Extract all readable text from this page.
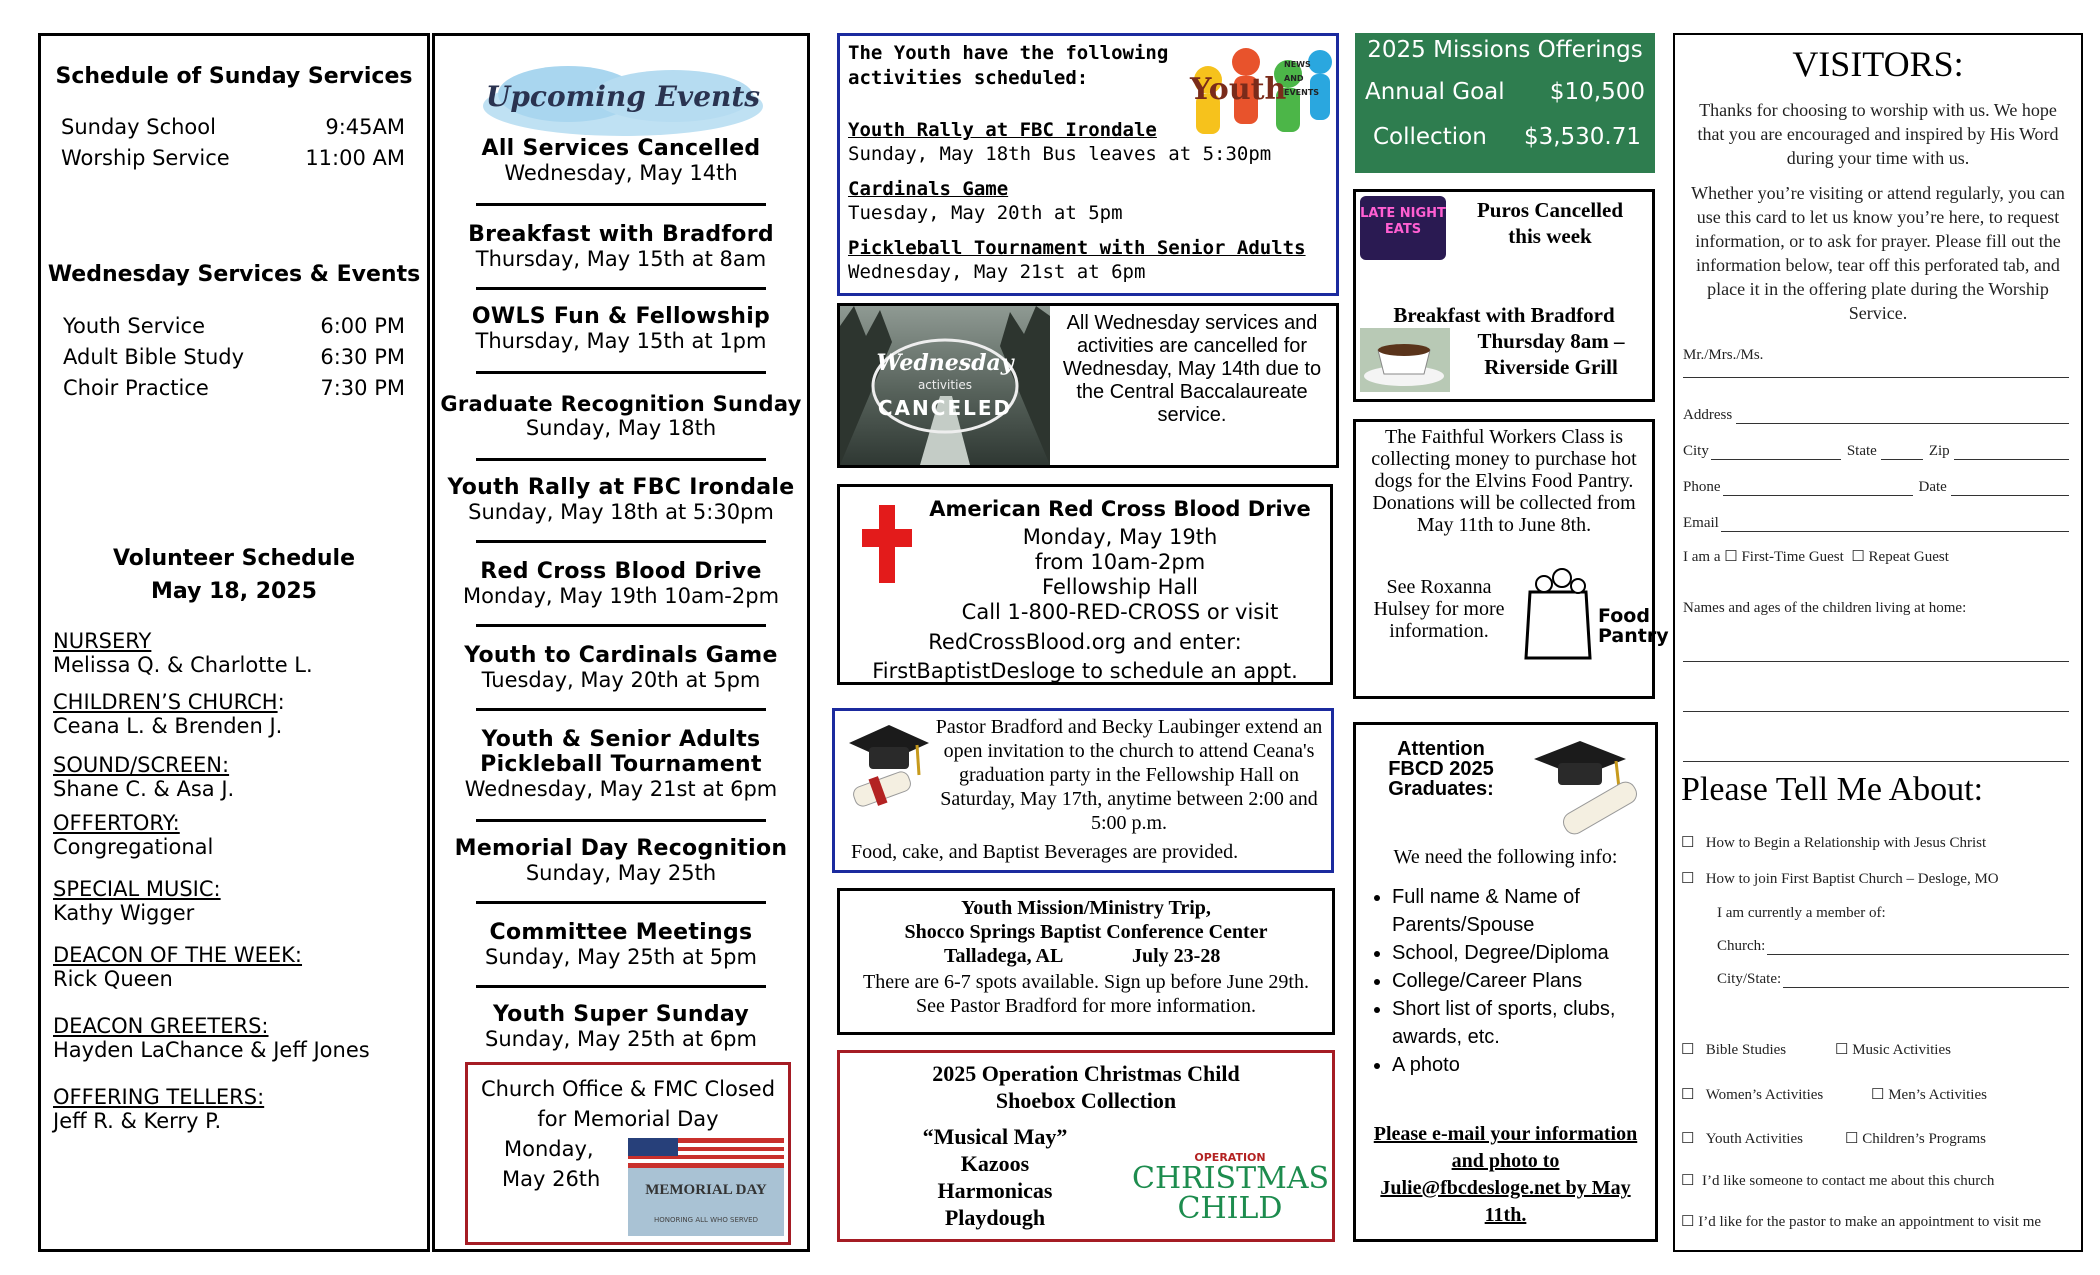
Schedule of Sunday Services
Sunday School	9:45AM
Worship Service	11:00 AM
Wednesday Services & Events
Youth Service	6:00 PM
Adult Bible Study	6:30 PM
Choir Practice	7:30 PM
Volunteer Schedule
May 18, 2025
NURSERY
Melissa Q. & Charlotte L.
CHILDREN’S CHURCH:
Ceana L. & Brenden J.
SOUND/SCREEN:
Shane C. & Asa J.
OFFERTORY:
Congregational
SPECIAL MUSIC:
Kathy Wigger
DEACON OF THE WEEK:
Rick Queen
DEACON GREETERS:
Hayden LaChance & Jeff Jones
OFFERING TELLERS:
Jeff R. & Kerry P.
Upcoming Events
All Services Cancelled
Wednesday, May 14th
Breakfast with Bradford
Thursday, May 15th at 8am
OWLS Fun & Fellowship
Thursday, May 15th at 1pm
Graduate Recognition Sunday
Sunday, May 18th
Youth Rally at FBC Irondale
Sunday, May 18th at 5:30pm
Red Cross Blood Drive
Monday, May 19th 10am-2pm
Youth to Cardinals Game
Tuesday, May 20th at 5pm
Youth & Senior Adults
Pickleball Tournament
Wednesday, May 21st at 6pm
Memorial Day Recognition
Sunday, May 25th
Committee Meetings
Sunday, May 25th at 5pm
Youth Super Sunday
Sunday, May 25th at 6pm
Church Office & FMC Closed
for Memorial Day
Monday,
May 26th	MEMORIAL DAY
HONORING ALL WHO SERVED
The Youth have the following
activities scheduled:	Youth
NEWS AND EVENTS
Youth Rally at FBC Irondale
Sunday, May 18th Bus leaves at 5:30pm
Cardinals Game
Tuesday, May 20th at 5pm
Pickleball Tournament with Senior Adults
Wednesday, May 21st at 6pm
Wednesday
activities
CANCELED
All Wednesday services and activities are cancelled for Wednesday, May 14th due to the Central Baccalaureate service.
American Red Cross Blood Drive
Monday, May 19th
from 10am-2pm
Fellowship Hall
Call 1-800-RED-CROSS or visit
RedCrossBlood.org and enter:
FirstBaptistDesloge to schedule an appt.
Pastor Bradford and Becky Laubinger extend an open invitation to the church to attend Ceana's graduation party in the Fellowship Hall on Saturday, May 17th, anytime between 2:00 and 5:00 p.m.
Food, cake, and Baptist Beverages are provided.
Youth Mission/Ministry Trip,
Shocco Springs Baptist Conference Center
Talladega, AL	July 23-28
There are 6-7 spots available. Sign up before June 29th. See Pastor Bradford for more information.
2025 Operation Christmas Child
Shoebox Collection
“Musical May”
Kazoos
Harmonicas
Playdough
OPERATION
CHRISTMAS
CHILD
2025 Missions Offerings
Annual Goal $10,500
Collection $3,530.71
LATE NIGHT EATS
Puros Cancelled
this week
Breakfast with Bradford
Thursday 8am –
Riverside Grill
The Faithful Workers Class is collecting money to purchase hot dogs for the Elvins Food Pantry. Donations will be collected from May 11th to June 8th.
See Roxanna Hulsey for more information.
Food Pantry
Attention
FBCD 2025
Graduates:
We need the following info:
• Full name & Name of Parents/Spouse
• School, Degree/Diploma
• College/Career Plans
• Short list of sports, clubs, awards, etc.
• A photo
Please e-mail your information and photo to Julie@fbcdesloge.net by May 11th.
VISITORS:
Thanks for choosing to worship with us. We hope that you are encouraged and inspired by His Word during your time with us.
Whether you’re visiting or attend regularly, you can use this card to let us know you’re here, to request information, or to ask for prayer. Please fill out the information below, tear off this perforated tab, and place it in the offering plate during the Worship Service.
Mr./Mrs./Ms.
Address
City	State	Zip
Phone	Date
Email
I am a ☐ First-Time Guest ☐ Repeat Guest
Names and ages of the children living at home:
Please Tell Me About:
☐ How to Begin a Relationship with Jesus Christ
☐ How to join First Baptist Church – Desloge, MO
I am currently a member of:
Church:
City/State:
☐ Bible Studies	☐ Music Activities
☐ Women’s Activities	☐ Men’s Activities
☐ Youth Activities	☐ Children’s Programs
☐ I’d like someone to contact me about this church
☐ I’d like for the pastor to make an appointment to visit me
